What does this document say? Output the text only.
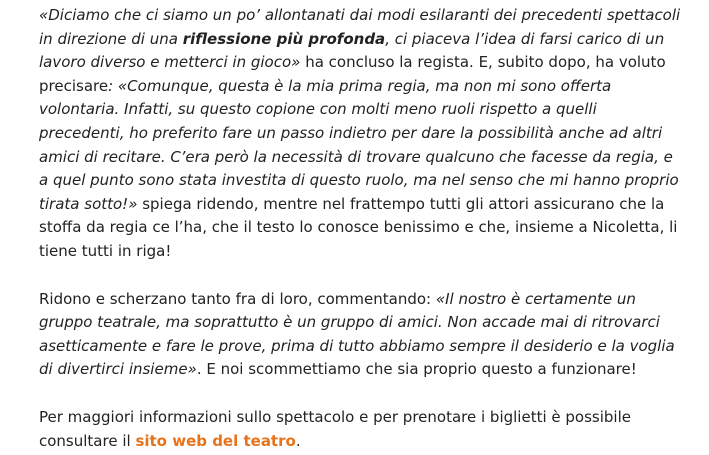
«Diciamo che ci siamo un po’ allontanati dai modi esilaranti dei precedenti spettacoli in direzione di una riflessione più profonda, ci piaceva l’idea di farsi carico di un lavoro diverso e metterci in gioco» ha concluso la regista. E, subito dopo, ha voluto precisare: «Comunque, questa è la mia prima regia, ma non mi sono offerta volontaria. Infatti, su questo copione con molti meno ruoli rispetto a quelli precedenti, ho preferito fare un passo indietro per dare la possibilità anche ad altri amici di recitare. C’era però la necessità di trovare qualcuno che facesse da regia, e a quel punto sono stata investita di questo ruolo, ma nel senso che mi hanno proprio tirata sotto!» spiega ridendo, mentre nel frattempo tutti gli attori assicurano che la stoffa da regia ce l’ha, che il testo lo conosce benissimo e che, insieme a Nicoletta, li tiene tutti in riga!

Ridono e scherzano tanto fra di loro, commentando: «Il nostro è certamente un gruppo teatrale, ma soprattutto è un gruppo di amici. Non accade mai di ritrovarci asetticamente e fare le prove, prima di tutto abbiamo sempre il desiderio e la voglia di divertirci insieme». E noi scommettiamo che sia proprio questo a funzionare!

Per maggiori informazioni sullo spettacolo e per prenotare i biglietti è possibile consultare il sito web del teatro.
